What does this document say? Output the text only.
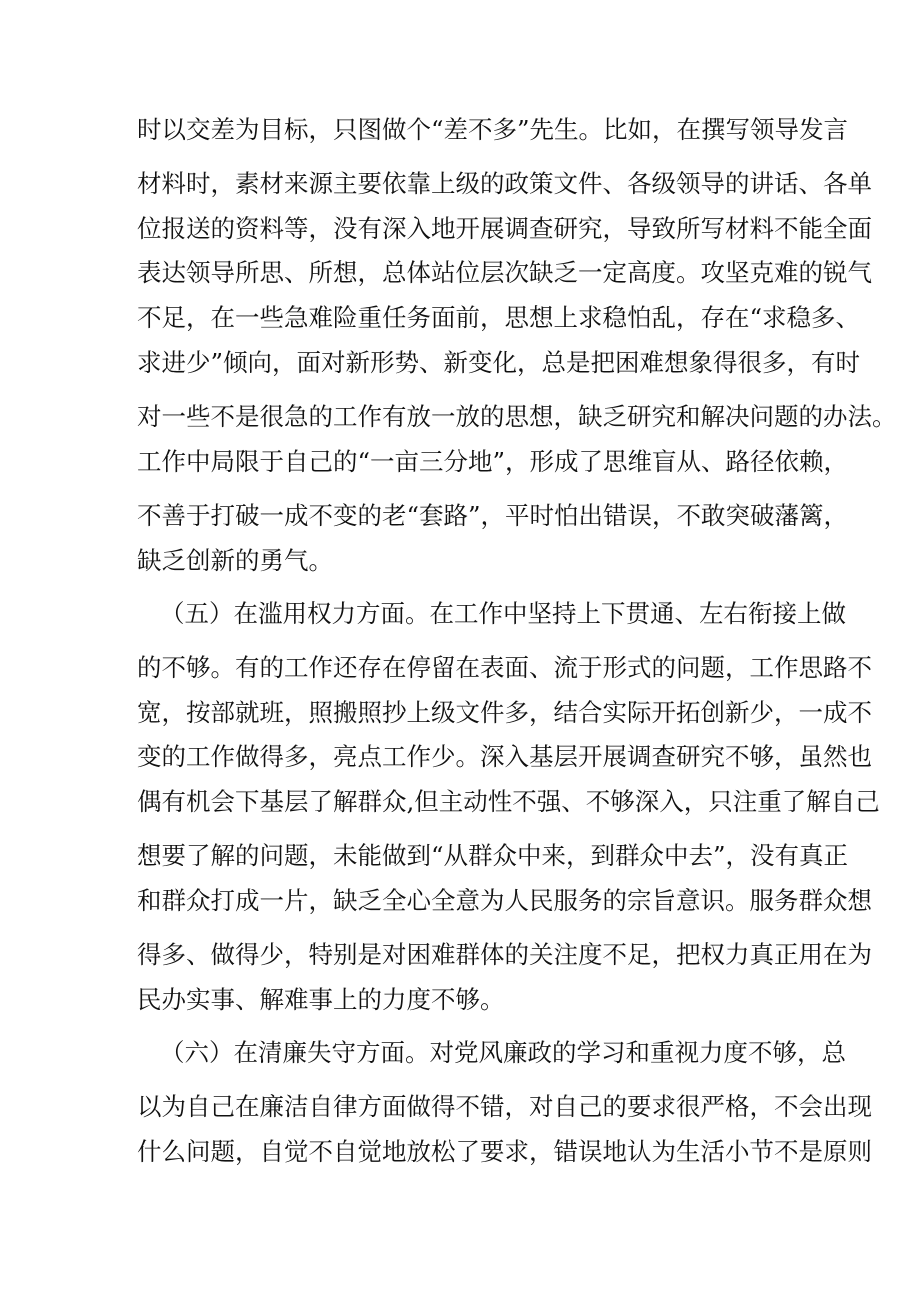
时以交差为目标，只图做个“差不多”先生。比如，在撰写领导发言
材料时，素材来源主要依靠上级的政策文件、各级领导的讲话、各单
位报送的资料等，没有深入地开展调查研究，导致所写材料不能全面
表达领导所思、所想，总体站位层次缺乏一定高度。攻坚克难的锐气
不足，在一些急难险重任务面前，思想上求稳怕乱，存在“求稳多、
求进少”倾向，面对新形势、新变化，总是把困难想象得很多，有时
对一些不是很急的工作有放一放的思想，缺乏研究和解决问题的办法。
工作中局限于自己的“一亩三分地”，形成了思维盲从、路径依赖，
不善于打破一成不变的老“套路”，平时怕出错误，不敢突破藩篱，
缺乏创新的勇气。
（五）在滥用权力方面。在工作中坚持上下贯通、左右衔接上做
的不够。有的工作还存在停留在表面、流于形式的问题，工作思路不
宽，按部就班，照搬照抄上级文件多，结合实际开拓创新少，一成不
变的工作做得多，亮点工作少。深入基层开展调查研究不够，虽然也
偶有机会下基层了解群众,但主动性不强、不够深入，只注重了解自己
想要了解的问题，未能做到“从群众中来，到群众中去”，没有真正
和群众打成一片，缺乏全心全意为人民服务的宗旨意识。服务群众想
得多、做得少，特别是对困难群体的关注度不足，把权力真正用在为
民办实事、解难事上的力度不够。
（六）在清廉失守方面。对党风廉政的学习和重视力度不够，总
以为自己在廉洁自律方面做得不错，对自己的要求很严格，不会出现
什么问题，自觉不自觉地放松了要求，错误地认为生活小节不是原则
